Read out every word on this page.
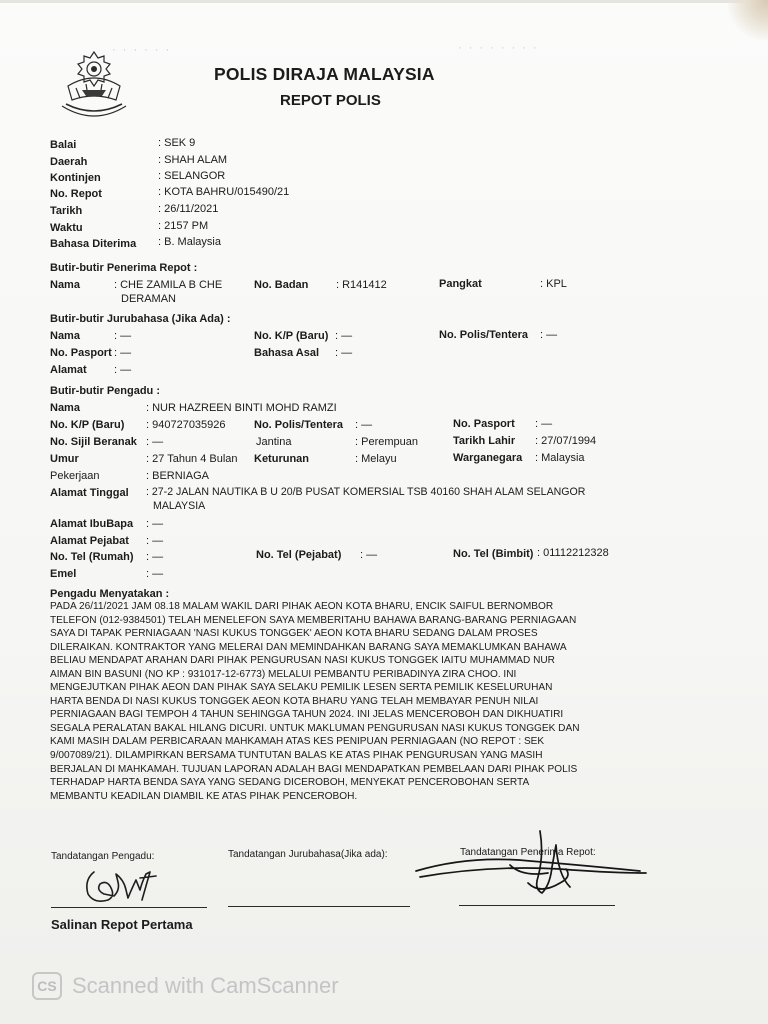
· · · · · ·	· · · · · · · ·
POLIS DIRAJA MALAYSIA
REPOT POLIS
Balai	: SEK 9
Daerah	: SHAH ALAM
Kontinjen	: SELANGOR
No. Repot	: KOTA BAHRU/015490/21
Tarikh	: 26/11/2021
Waktu	: 2157 PM
Bahasa Diterima : B. Malaysia
Butir-butir Penerima Repot :
Nama	: CHE ZAMILA B CHE
DERAMAN
No. Badan	: R141412	Pangkat	: KPL
Butir-butir Jurubahasa (Jika Ada) :
Nama	: —	No. K/P (Baru) : —	No. Polis/Tentera : —
No. Pasport : —	Bahasa Asal : —
Alamat : —
Butir-butir Pengadu :
Nama	: NUR HAZREEN BINTI MOHD RAMZI
No. K/P (Baru) : 940727035926	No. Polis/Tentera : —	No. Pasport : —
No. Sijil Beranak : —	Jantina	: Perempuan	Tarikh Lahir : 27/07/1994
Umur	: 27 Tahun 4 Bulan Keturunan	: Melayu	Warganegara : Malaysia
Pekerjaan	: BERNIAGA
Alamat Tinggal : 27-2 JALAN NAUTIKA B U 20/B PUSAT KOMERSIAL TSB 40160 SHAH ALAM SELANGOR
MALAYSIA
Alamat IbuBapa : —
Alamat Pejabat : —
No. Tel (Rumah) : —	No. Tel (Pejabat) : —	No. Tel (Bimbit) : 01112212328
Emel	: —
Pengadu Menyatakan :
PADA 26/11/2021 JAM 08.18 MALAM WAKIL DARI PIHAK AEON KOTA BHARU, ENCIK SAIFUL BERNOMBOR
TELEFON (012-9384501) TELAH MENELEFON SAYA MEMBERITAHU BAHAWA BARANG-BARANG PERNIAGAAN
SAYA DI TAPAK PERNIAGAAN 'NASI KUKUS TONGGEK' AEON KOTA BHARU SEDANG DALAM PROSES
DILERAIKAN. KONTRAKTOR YANG MELERAI DAN MEMINDAHKAN BARANG SAYA MEMAKLUMKAN BAHAWA
BELIAU MENDAPAT ARAHAN DARI PIHAK PENGURUSAN NASI KUKUS TONGGEK IAITU MUHAMMAD NUR
AIMAN BIN BASUNI (NO KP : 931017-12-6773) MELALUI PEMBANTU PERIBADINYA ZIRA CHOO. INI
MENGEJUTKAN PIHAK AEON DAN PIHAK SAYA SELAKU PEMILIK LESEN SERTA PEMILIK KESELURUHAN
HARTA BENDA DI NASI KUKUS TONGGEK AEON KOTA BHARU YANG TELAH MEMBAYAR PENUH NILAI
PERNIAGAAN BAGI TEMPOH 4 TAHUN SEHINGGA TAHUN 2024. INI JELAS MENCEROBOH DAN DIKHUATIRI
SEGALA PERALATAN BAKAL HILANG DICURI. UNTUK MAKLUMAN PENGURUSAN NASI KUKUS TONGGEK DAN
KAMI MASIH DALAM PERBICARAAN MAHKAMAH ATAS KES PENIPUAN PERNIAGAAN (NO REPOT : SEK
9/007089/21). DILAMPIRKAN BERSAMA TUNTUTAN BALAS KE ATAS PIHAK PENGURUSAN YANG MASIH
BERJALAN DI MAHKAMAH. TUJUAN LAPORAN ADALAH BAGI MENDAPATKAN PEMBELAAN DARI PIHAK POLIS
TERHADAP HARTA BENDA SAYA YANG SEDANG DICEROBOH, MENYEKAT PENCEROBOHAN SERTA
MEMBANTU KEADILAN DIAMBIL KE ATAS PIHAK PENCEROBOH.
Tandatangan Pengadu:	Tandatangan Jurubahasa(Jika ada):	Tandatangan Penerima Repot:
Salinan Repot Pertama
CS Scanned with CamScanner
